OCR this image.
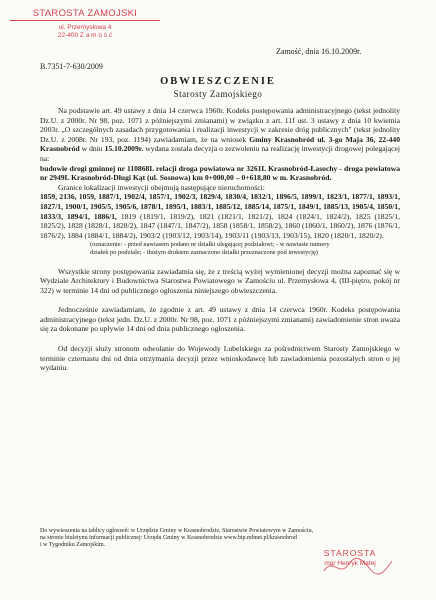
STAROSTA ZAMOJSKI
ul. Przemysłowa 4
22-400 Z a m o ś ć
Zamość, dnia 16.10.2009r.
B.7351-7-630/2009
OBWIESZCZENIE
Starosty Zamojskiego

Na podstawie art. 49 ustawy z dnia 14 czerwca 1960r. Kodeks postępowania administracyjnego (tekst jednolity Dz.U. z 2000r. Nr 98, poz. 1071 z późniejszymi zmianami) w związku z art. 11f ust. 3 ustawy z dnia 10 kwietnia 2003r. „O szczególnych zasadach przygotowania i realizacji inwestycji w zakresie dróg publicznych" (tekst jednolity Dz.U. z 2008r. Nr 193, poz. 1194) zawiadamiam, że na wniosek Gminy Krasnobród ul. 3-go Maja 36, 22-440 Krasnobród w dniu 15.10.2009r. wydana została decyzja o zezwoleniu na realizację inwestycji drogowej polegającej na:

budowie drogi gminnej nr 110868L relacji droga powiatowa nr 3261L Krasnobród-Łasochy - droga powiatowa nr 2949L Krasnobród-Długi Kąt (ul. Sosnowa) km 0+000,00 – 0+618,80 w m. Krasnobród.

Granice lokalizacji inwestycji obejmują następujące nieruchomości:

1859, 2136, 1059, 1887/1, 1902/4, 1857/1, 1902/3, 1829/4, 1830/4, 1832/1, 1896/5, 1899/1, 1823/1, 1877/1, 1893/1, 1827/1, 1900/1, 1905/5, 1905/6, 1878/1, 1895/1, 1883/1, 1885/12, 1885/14, 1875/1, 1849/1, 1885/13, 1905/4, 1850/1, 1833/3, 1894/1, 1886/1, 1819 (1819/1, 1819/2), 1821 (1821/1, 1821/2), 1824 (1824/1, 1824/2), 1825 (1825/1, 1825/2), 1828 (1828/1, 1828/2), 1847 (1847/1, 1847/2), 1858 (1858/1, 1858/2), 1860 (1860/1, 1860/2), 1876 (1876/1, 1876/2), 1884 (1884/1, 1884/2), 1903/2 (1903/12, 1903/14), 1903/11 (1903/13, 1903/15), 1820 (1820/1, 1820/2).

(oznaczenie: - przed nawiasem podano nr działki ulegającej podziałowi; - w nawiasie numery
działek po podziale; - tłustym drukiem zaznaczono działki przeznaczone pod inwestycję)

Wszystkie strony postępowania zawiadamia się, że z treścią wyżej wymienionej decyzji można zapoznać się w Wydziale Architektury i Budownictwa Starostwa Powiatowego w Zamościu ul. Przemysłowa 4, (III-piętro, pokój nr 322) w terminie 14 dni od publicznego ogłoszenia niniejszego obwieszczenia.

Jednocześnie zawiadamiam, że zgodnie z art. 49 ustawy z dnia 14 czerwca 1960r. Kodeks postępowania administracyjnego (tekst jedn. Dz.U. z 2000r. Nr 98, poz. 1071 z późniejszymi zmianami) zawiadomienie stron uważa się za dokonane po upływie 14 dni od dnia publicznego ogłoszenia.

Od decyzji służy stronom odwołanie do Wojewody Lubelskiego za pośrednictwem Starosty Zamojskiego w terminie czternastu dni od dnia otrzymania decyzji przez wnioskodawcę lub zawiadomienia pozostałych stron o jej wydaniu.

Do wywieszenia na tablicy ogłoszeń: w Urzędzie Gminy w Krasnobrodzie, Starostwie Powiatowym w Zamościu,
na stronie biuletynu informacji publicznej: Urzędu Gminy w Krasnobrodzie www.bip.mbnet.pl/krasnobrod
i w Tygodniku Zamojskim.
STAROSTA
mgr Henryk Matej
